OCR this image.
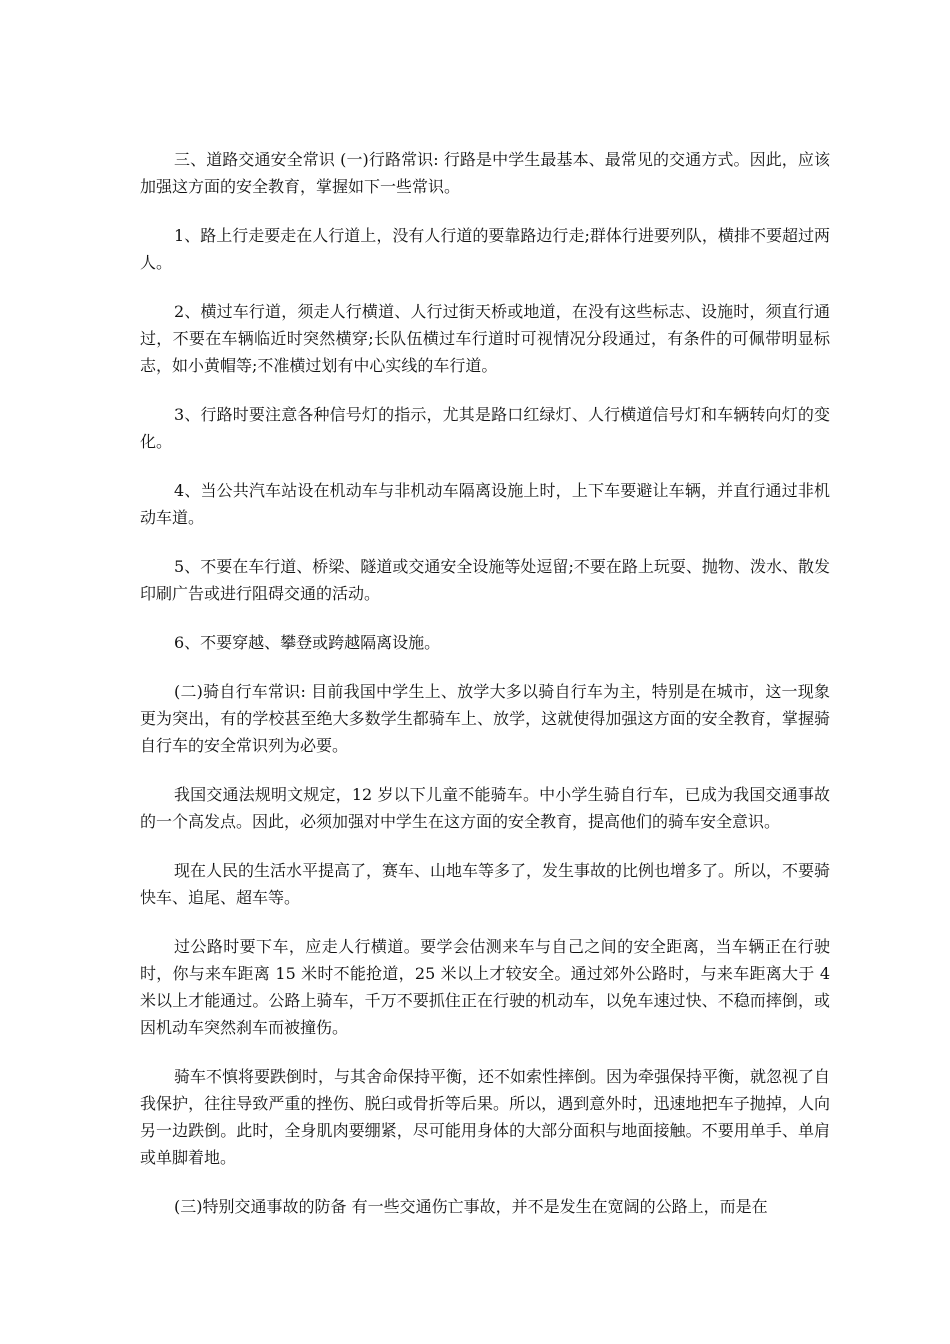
三、道路交通安全常识 (一)行路常识: 行路是中学生最基本、最常见的交通方式。因此，应该加强这方面的安全教育，掌握如下一些常识。

1、路上行走要走在人行道上，没有人行道的要靠路边行走;群体行进要列队，横排不要超过两人。

2、横过车行道，须走人行横道、人行过街天桥或地道，在没有这些标志、设施时，须直行通过，不要在车辆临近时突然横穿;长队伍横过车行道时可视情况分段通过，有条件的可佩带明显标志，如小黄帽等;不准横过划有中心实线的车行道。

3、行路时要注意各种信号灯的指示，尤其是路口红绿灯、人行横道信号灯和车辆转向灯的变化。

4、当公共汽车站设在机动车与非机动车隔离设施上时，上下车要避让车辆，并直行通过非机动车道。

5、不要在车行道、桥梁、隧道或交通安全设施等处逗留;不要在路上玩耍、抛物、泼水、散发印刷广告或进行阻碍交通的活动。

6、不要穿越、攀登或跨越隔离设施。

(二)骑自行车常识: 目前我国中学生上、放学大多以骑自行车为主，特别是在城市，这一现象更为突出，有的学校甚至绝大多数学生都骑车上、放学，这就使得加强这方面的安全教育，掌握骑自行车的安全常识列为必要。

我国交通法规明文规定，12 岁以下儿童不能骑车。中小学生骑自行车，已成为我国交通事故的一个高发点。因此，必须加强对中学生在这方面的安全教育，提高他们的骑车安全意识。

现在人民的生活水平提高了，赛车、山地车等多了，发生事故的比例也增多了。所以，不要骑快车、追尾、超车等。

过公路时要下车，应走人行横道。要学会估测来车与自己之间的安全距离，当车辆正在行驶时，你与来车距离 15 米时不能抢道，25 米以上才较安全。通过郊外公路时，与来车距离大于 4 米以上才能通过。公路上骑车，千万不要抓住正在行驶的机动车，以免车速过快、不稳而摔倒，或因机动车突然刹车而被撞伤。

骑车不慎将要跌倒时，与其舍命保持平衡，还不如索性摔倒。因为牵强保持平衡，就忽视了自我保护，往往导致严重的挫伤、脱臼或骨折等后果。所以，遇到意外时，迅速地把车子抛掉，人向另一边跌倒。此时，全身肌肉要绷紧，尽可能用身体的大部分面积与地面接触。不要用单手、单肩或单脚着地。

(三)特别交通事故的防备 有一些交通伤亡事故，并不是发生在宽阔的公路上，而是在
